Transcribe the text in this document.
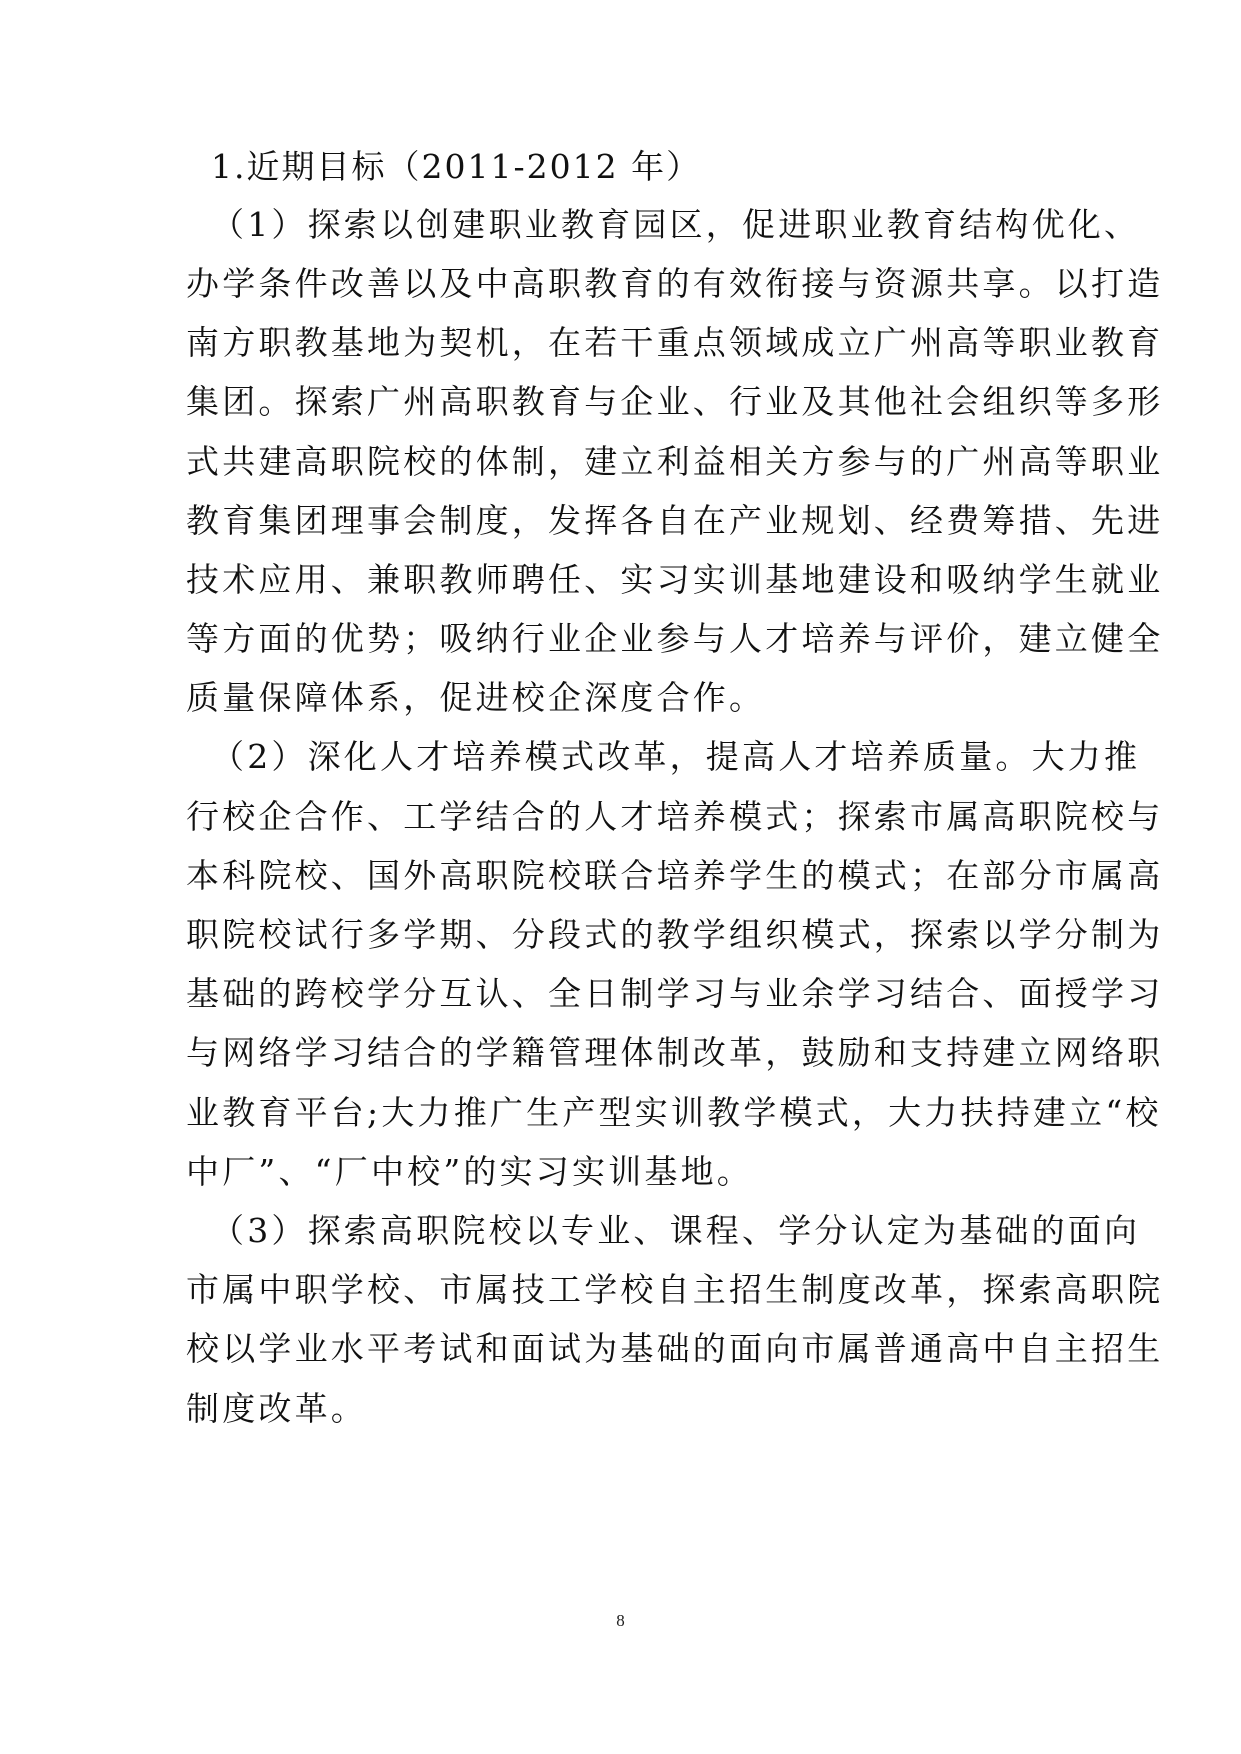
1.近期目标（2011-2012 年）
（1）探索以创建职业教育园区，促进职业教育结构优化、
办学条件改善以及中高职教育的有效衔接与资源共享。以打造
南方职教基地为契机，在若干重点领域成立广州高等职业教育
集团。探索广州高职教育与企业、行业及其他社会组织等多形
式共建高职院校的体制，建立利益相关方参与的广州高等职业
教育集团理事会制度，发挥各自在产业规划、经费筹措、先进
技术应用、兼职教师聘任、实习实训基地建设和吸纳学生就业
等方面的优势；吸纳行业企业参与人才培养与评价，建立健全
质量保障体系，促进校企深度合作。
（2）深化人才培养模式改革，提高人才培养质量。大力推
行校企合作、工学结合的人才培养模式；探索市属高职院校与
本科院校、国外高职院校联合培养学生的模式；在部分市属高
职院校试行多学期、分段式的教学组织模式，探索以学分制为
基础的跨校学分互认、全日制学习与业余学习结合、面授学习
与网络学习结合的学籍管理体制改革，鼓励和支持建立网络职
业教育平台;大力推广生产型实训教学模式，大力扶持建立“校
中厂”、“厂中校”的实习实训基地。
（3）探索高职院校以专业、课程、学分认定为基础的面向
市属中职学校、市属技工学校自主招生制度改革，探索高职院
校以学业水平考试和面试为基础的面向市属普通高中自主招生
制度改革。
8
